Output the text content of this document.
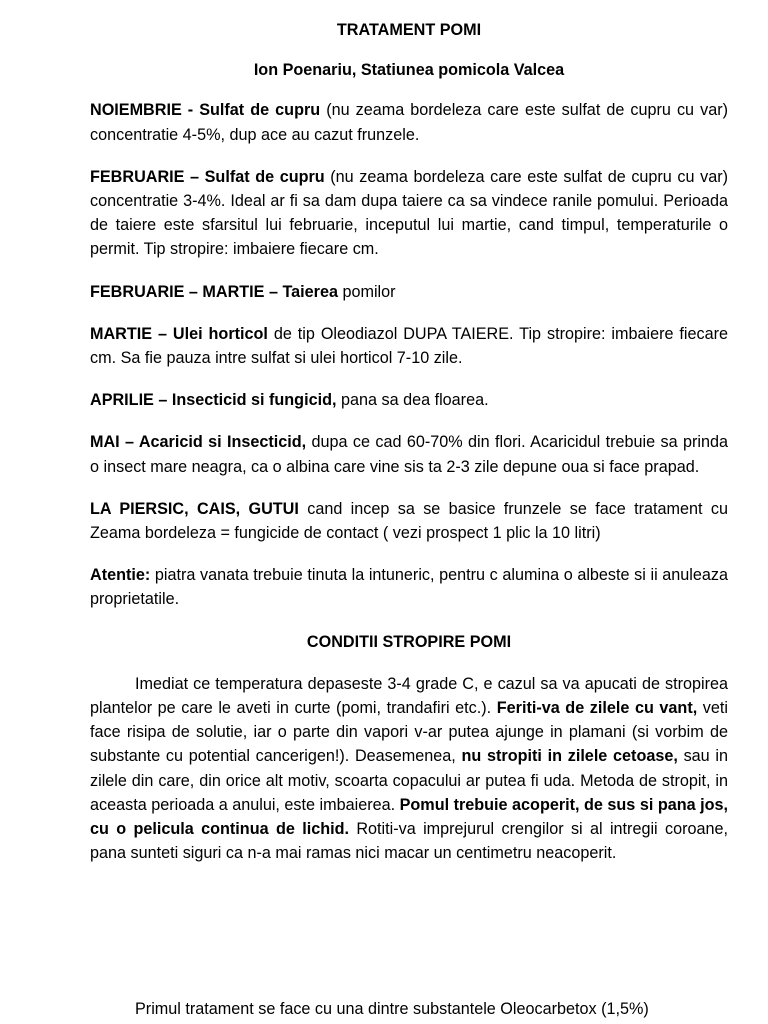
TRATAMENT POMI
Ion Poenariu, Statiunea pomicola Valcea

NOIEMBRIE - Sulfat de cupru (nu zeama bordeleza care este sulfat de cupru cu var) concentratie 4-5%, dup ace au cazut frunzele.

FEBRUARIE – Sulfat de cupru (nu zeama bordeleza care este sulfat de cupru cu var) concentratie 3-4%. Ideal ar fi sa dam dupa taiere ca sa vindece ranile pomului. Perioada de taiere este sfarsitul lui februarie, inceputul lui martie, cand timpul, temperaturile o permit. Tip stropire: imbaiere fiecare cm.

FEBRUARIE – MARTIE – Taierea pomilor

MARTIE – Ulei horticol de tip Oleodiazol DUPA TAIERE. Tip stropire: imbaiere fiecare cm. Sa fie pauza intre sulfat si ulei horticol 7-10 zile.

APRILIE – Insecticid si fungicid, pana sa dea floarea.

MAI – Acaricid si Insecticid, dupa ce cad 60-70% din flori. Acaricidul trebuie sa prinda o insect mare neagra, ca o albina care vine sis ta 2-3 zile depune oua si face prapad.

LA PIERSIC, CAIS, GUTUI cand incep sa se basice frunzele se face tratament cu Zeama bordeleza = fungicide de contact ( vezi prospect 1 plic la 10 litri)

Atentie: piatra vanata trebuie tinuta la intuneric, pentru c alumina o albeste si ii anuleaza proprietatile.

CONDITII STROPIRE POMI

Imediat ce temperatura depaseste 3-4 grade C, e cazul sa va apucati de stropirea plantelor pe care le aveti in curte (pomi, trandafiri etc.). Feriti-va de zilele cu vant, veti face risipa de solutie, iar o parte din vapori v-ar putea ajunge in plamani (si vorbim de substante cu potential cancerigen!). Deasemenea, nu stropiti in zilele cetoase, sau in zilele din care, din orice alt motiv, scoarta copacului ar putea fi uda. Metoda de stropit, in aceasta perioada a anului, este imbaierea. Pomul trebuie acoperit, de sus si pana jos, cu o pelicula continua de lichid. Rotiti-va imprejurul crengilor si al intregii coroane, pana sunteti siguri ca n-a mai ramas nici macar un centimetru neacoperit.

Primul tratament se face cu una dintre substantele Oleocarbetox (1,5%)
